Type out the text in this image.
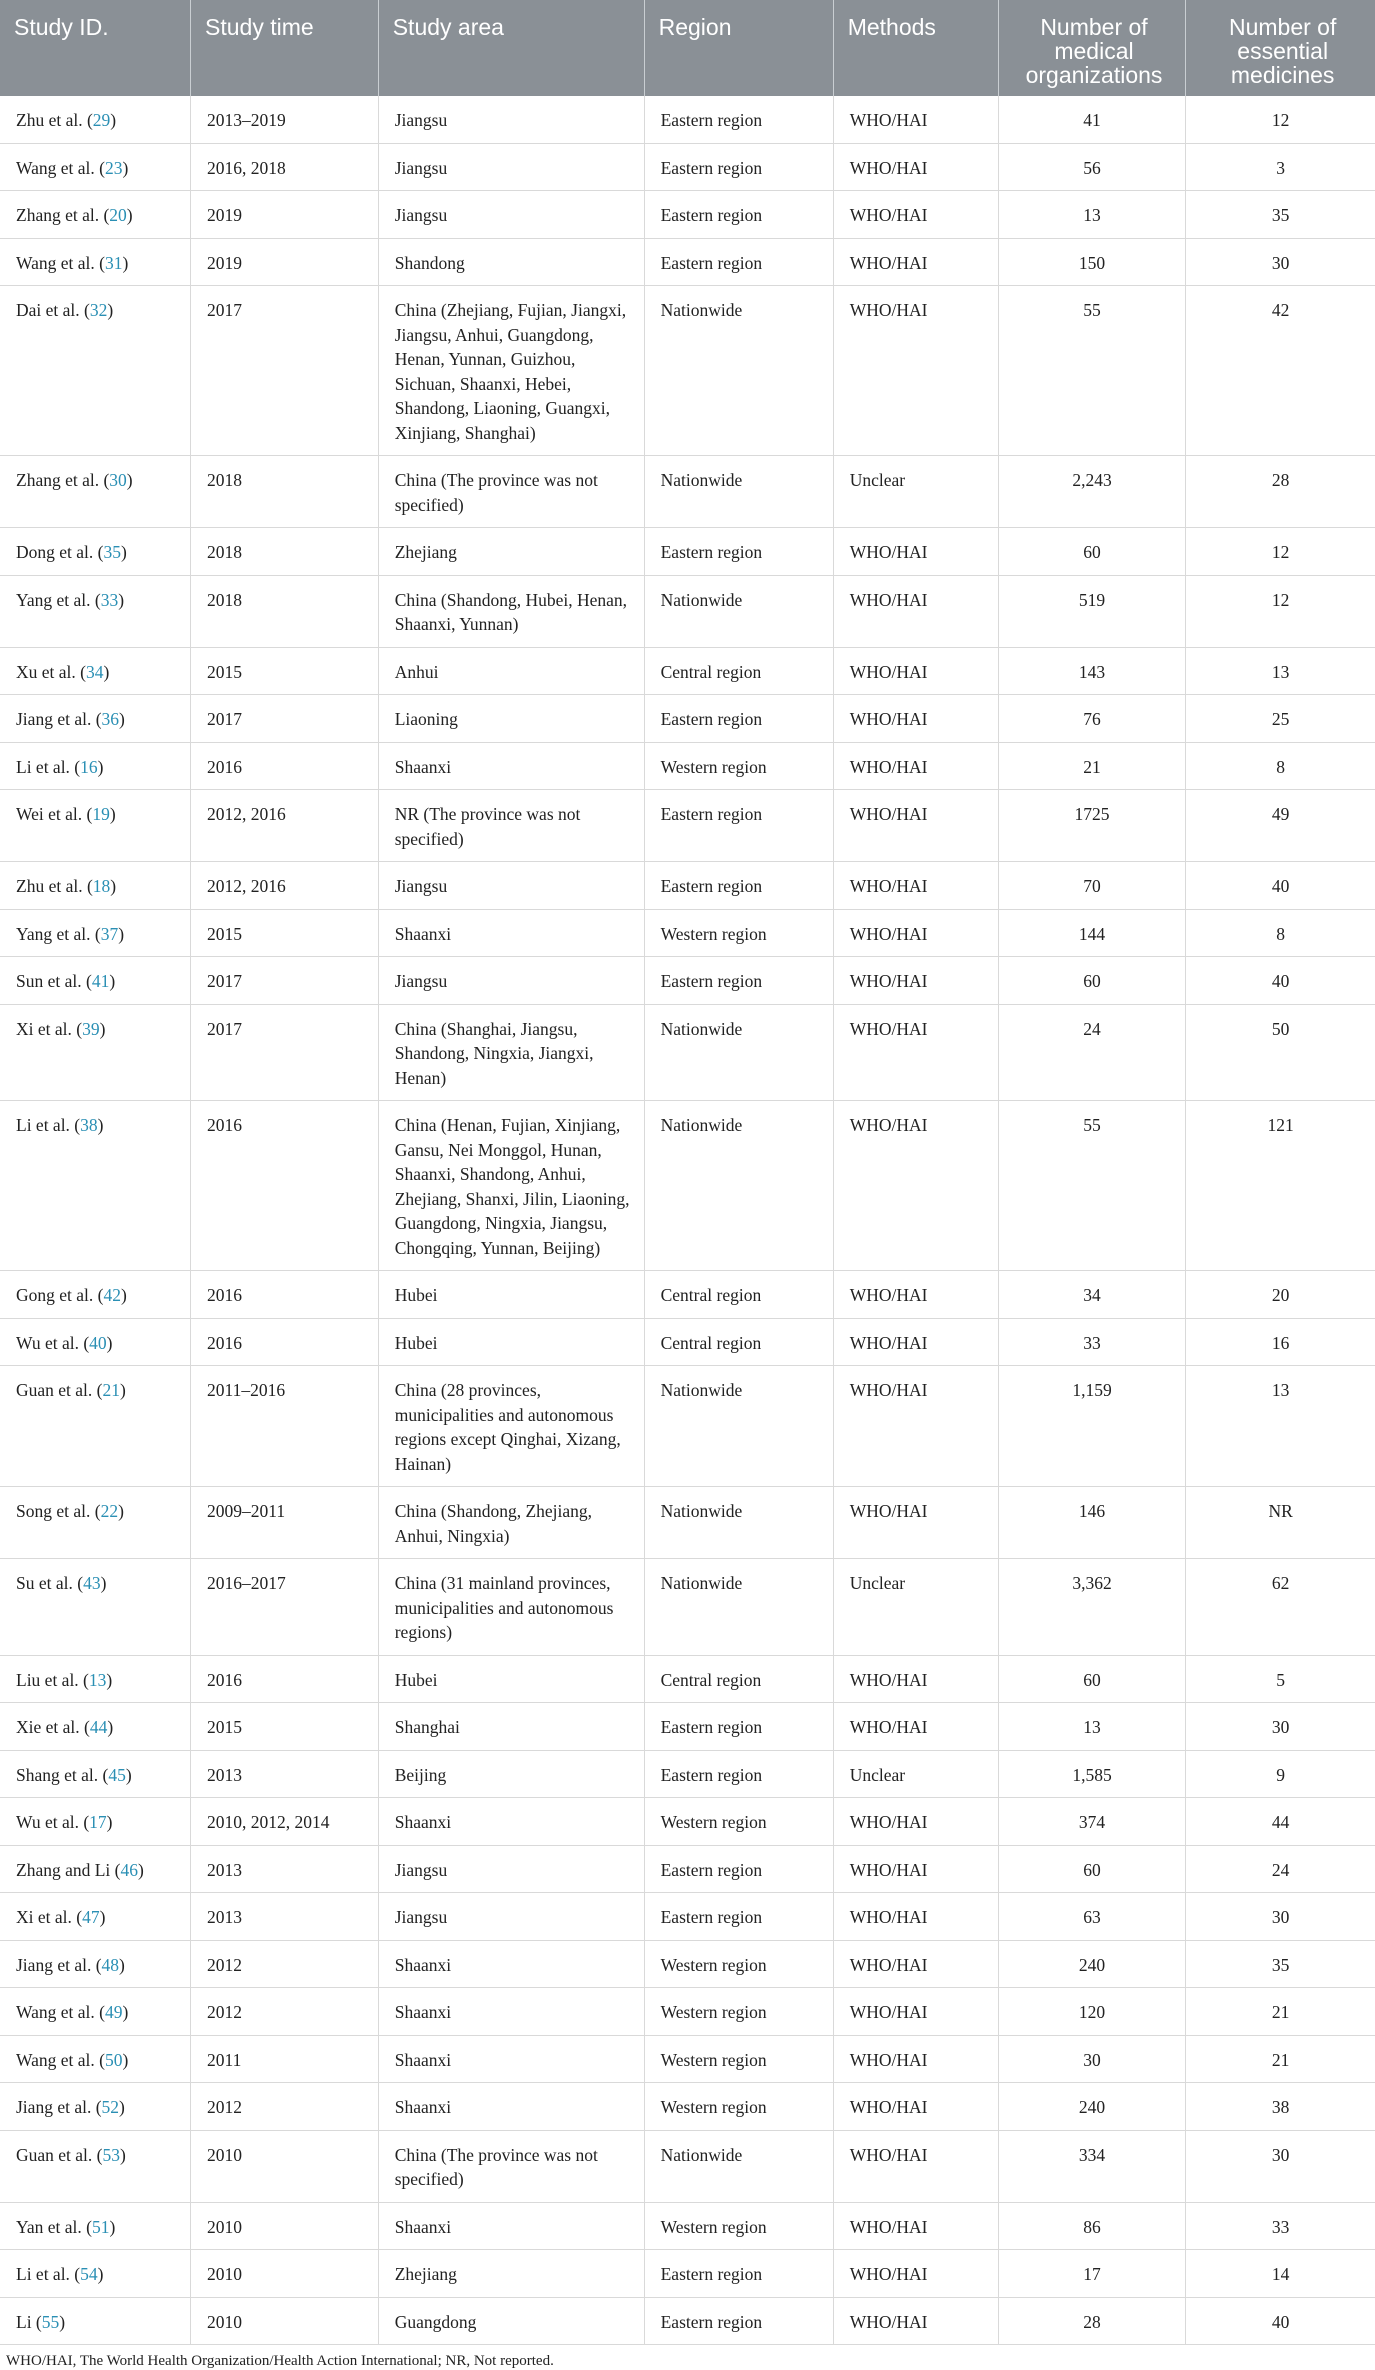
Study ID.	Study time	Study area	Region	Methods	Number of medical organizations	Number of essential medicines
Zhu et al. (29)	2013–2019	Jiangsu	Eastern region	WHO/HAI	41	12
Wang et al. (23)	2016, 2018	Jiangsu	Eastern region	WHO/HAI	56	3
Zhang et al. (20)	2019	Jiangsu	Eastern region	WHO/HAI	13	35
Wang et al. (31)	2019	Shandong	Eastern region	WHO/HAI	150	30
Dai et al. (32)	2017	China (Zhejiang, Fujian, Jiangxi, Jiangsu, Anhui, Guangdong, Henan, Yunnan, Guizhou, Sichuan, Shaanxi, Hebei, Shandong, Liaoning, Guangxi, Xinjiang, Shanghai)	Nationwide	WHO/HAI	55	42
Zhang et al. (30)	2018	China (The province was not specified)	Nationwide	Unclear	2,243	28
Dong et al. (35)	2018	Zhejiang	Eastern region	WHO/HAI	60	12
Yang et al. (33)	2018	China (Shandong, Hubei, Henan, Shaanxi, Yunnan)	Nationwide	WHO/HAI	519	12
Xu et al. (34)	2015	Anhui	Central region	WHO/HAI	143	13
Jiang et al. (36)	2017	Liaoning	Eastern region	WHO/HAI	76	25
Li et al. (16)	2016	Shaanxi	Western region	WHO/HAI	21	8
Wei et al. (19)	2012, 2016	NR (The province was not specified)	Eastern region	WHO/HAI	1725	49
Zhu et al. (18)	2012, 2016	Jiangsu	Eastern region	WHO/HAI	70	40
Yang et al. (37)	2015	Shaanxi	Western region	WHO/HAI	144	8
Sun et al. (41)	2017	Jiangsu	Eastern region	WHO/HAI	60	40
Xi et al. (39)	2017	China (Shanghai, Jiangsu, Shandong, Ningxia, Jiangxi, Henan)	Nationwide	WHO/HAI	24	50
Li et al. (38)	2016	China (Henan, Fujian, Xinjiang, Gansu, Nei Monggol, Hunan, Shaanxi, Shandong, Anhui, Zhejiang, Shanxi, Jilin, Liaoning, Guangdong, Ningxia, Jiangsu, Chongqing, Yunnan, Beijing)	Nationwide	WHO/HAI	55	121
Gong et al. (42)	2016	Hubei	Central region	WHO/HAI	34	20
Wu et al. (40)	2016	Hubei	Central region	WHO/HAI	33	16
Guan et al. (21)	2011–2016	China (28 provinces, municipalities and autonomous regions except Qinghai, Xizang, Hainan)	Nationwide	WHO/HAI	1,159	13
Song et al. (22)	2009–2011	China (Shandong, Zhejiang, Anhui, Ningxia)	Nationwide	WHO/HAI	146	NR
Su et al. (43)	2016–2017	China (31 mainland provinces, municipalities and autonomous regions)	Nationwide	Unclear	3,362	62
Liu et al. (13)	2016	Hubei	Central region	WHO/HAI	60	5
Xie et al. (44)	2015	Shanghai	Eastern region	WHO/HAI	13	30
Shang et al. (45)	2013	Beijing	Eastern region	Unclear	1,585	9
Wu et al. (17)	2010, 2012, 2014	Shaanxi	Western region	WHO/HAI	374	44
Zhang and Li (46)	2013	Jiangsu	Eastern region	WHO/HAI	60	24
Xi et al. (47)	2013	Jiangsu	Eastern region	WHO/HAI	63	30
Jiang et al. (48)	2012	Shaanxi	Western region	WHO/HAI	240	35
Wang et al. (49)	2012	Shaanxi	Western region	WHO/HAI	120	21
Wang et al. (50)	2011	Shaanxi	Western region	WHO/HAI	30	21
Jiang et al. (52)	2012	Shaanxi	Western region	WHO/HAI	240	38
Guan et al. (53)	2010	China (The province was not specified)	Nationwide	WHO/HAI	334	30
Yan et al. (51)	2010	Shaanxi	Western region	WHO/HAI	86	33
Li et al. (54)	2010	Zhejiang	Eastern region	WHO/HAI	17	14
Li (55)	2010	Guangdong	Eastern region	WHO/HAI	28	40
WHO/HAI, The World Health Organization/Health Action International; NR, Not reported.
